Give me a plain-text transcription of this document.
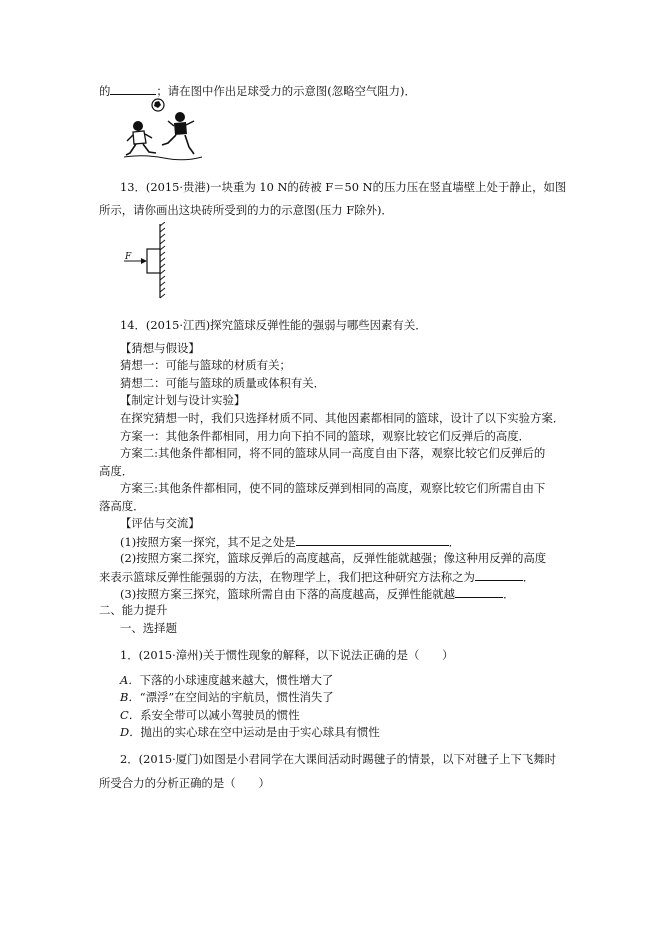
的	；请在图中作出足球受力的示意图(忽略空气阻力)．
13．(2015·贵港)一块重为 10 N的砖被 F＝50 N的压力压在竖直墙壁上处于静止，如图
所示，请你画出这块砖所受到的力的示意图(压力 F除外)．
F
14．(2015·江西)探究篮球反弹性能的强弱与哪些因素有关．
【猜想与假设】
猜想一：可能与篮球的材质有关；
猜想二：可能与篮球的质量或体积有关．
【制定计划与设计实验】
在探究猜想一时，我们只选择材质不同、其他因素都相同的篮球，设计了以下实验方案．
方案一：其他条件都相同，用力向下拍不同的篮球，观察比较它们反弹后的高度．
方案二:其他条件都相同，将不同的篮球从同一高度自由下落，观察比较它们反弹后的
高度．
方案三:其他条件都相同，使不同的篮球反弹到相同的高度，观察比较它们所需自由下
落高度．
【评估与交流】
(1)按照方案一探究，其不足之处是	．
(2)按照方案二探究，篮球反弹后的高度越高，反弹性能就越强；像这种用反弹的高度
来表示篮球反弹性能强弱的方法，在物理学上，我们把这种研究方法称之为	．
(3)按照方案三探究，篮球所需自由下落的高度越高，反弹性能就越	．
二、能力提升
一、选择题
1．(2015·漳州)关于惯性现象的解释，以下说法正确的是（　　）
A．下落的小球速度越来越大，惯性增大了
B．“漂浮”在空间站的宇航员，惯性消失了
C．系安全带可以减小驾驶员的惯性
D．抛出的实心球在空中运动是由于实心球具有惯性
2．(2015·厦门)如图是小君同学在大课间活动时踢毽子的情景，以下对毽子上下飞舞时
所受合力的分析正确的是（　　）
